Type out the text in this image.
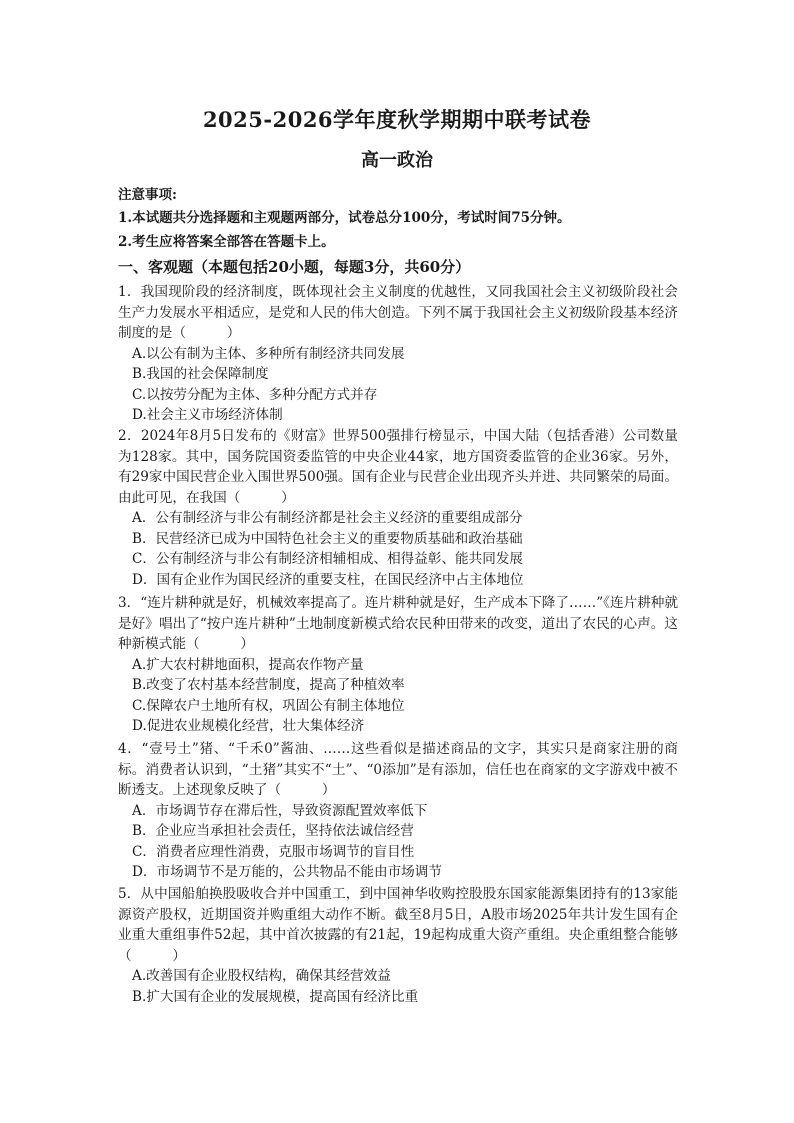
2025-2026学年度秋学期期中联考试卷
高一政治
注意事项:
1.本试题共分选择题和主观题两部分，试卷总分100分，考试时间75分钟。
2.考生应将答案全部答在答题卡上。
一、客观题（本题包括20小题，每题3分，共60分）

1．我国现阶段的经济制度，既体现社会主义制度的优越性，又同我国社会主义初级阶段社会生产力发展水平相适应，是党和人民的伟大创造。下列不属于我国社会主义初级阶段基本经济制度的是（　　　）

A.以公有制为主体、多种所有制经济共同发展

B.我国的社会保障制度

C.以按劳分配为主体、多种分配方式并存

D.社会主义市场经济体制

2．2024年8月5日发布的《财富》世界500强排行榜显示，中国大陆（包括香港）公司数量为128家。其中，国务院国资委监管的中央企业44家，地方国资委监管的企业36家。另外，有29家中国民营企业入围世界500强。国有企业与民营企业出现齐头并进、共同繁荣的局面。由此可见，在我国（　　　）

A．公有制经济与非公有制经济都是社会主义经济的重要组成部分

B．民营经济已成为中国特色社会主义的重要物质基础和政治基础

C．公有制经济与非公有制经济相辅相成、相得益彰、能共同发展

D．国有企业作为国民经济的重要支柱，在国民经济中占主体地位

3．“连片耕种就是好，机械效率提高了。连片耕种就是好，生产成本下降了……”《连片耕种就是好》唱出了“按户连片耕种”土地制度新模式给农民种田带来的改变，道出了农民的心声。这种新模式能（　　　）

A.扩大农村耕地面积，提高农作物产量

B.改变了农村基本经营制度，提高了种植效率

C.保障农户土地所有权，巩固公有制主体地位

D.促进农业规模化经营，壮大集体经济

4．“壹号土”猪、“千禾0”酱油、……这些看似是描述商品的文字，其实只是商家注册的商标。消费者认识到，“土猪”其实不“土”、“0添加”是有添加，信任也在商家的文字游戏中被不断透支。上述现象反映了（　　　）

A．市场调节存在滞后性，导致资源配置效率低下

B．企业应当承担社会责任，坚持依法诚信经营

C．消费者应理性消费，克服市场调节的盲目性

D．市场调节不是万能的，公共物品不能由市场调节

5．从中国船舶换股吸收合并中国重工，到中国神华收购控股股东国家能源集团持有的13家能源资产股权，近期国资并购重组大动作不断。截至8月5日，A股市场2025年共计发生国有企业重大重组事件52起，其中首次披露的有21起，19起构成重大资产重组。央企重组整合能够（　　　）

A.改善国有企业股权结构，确保其经营效益

B.扩大国有企业的发展规模，提高国有经济比重
